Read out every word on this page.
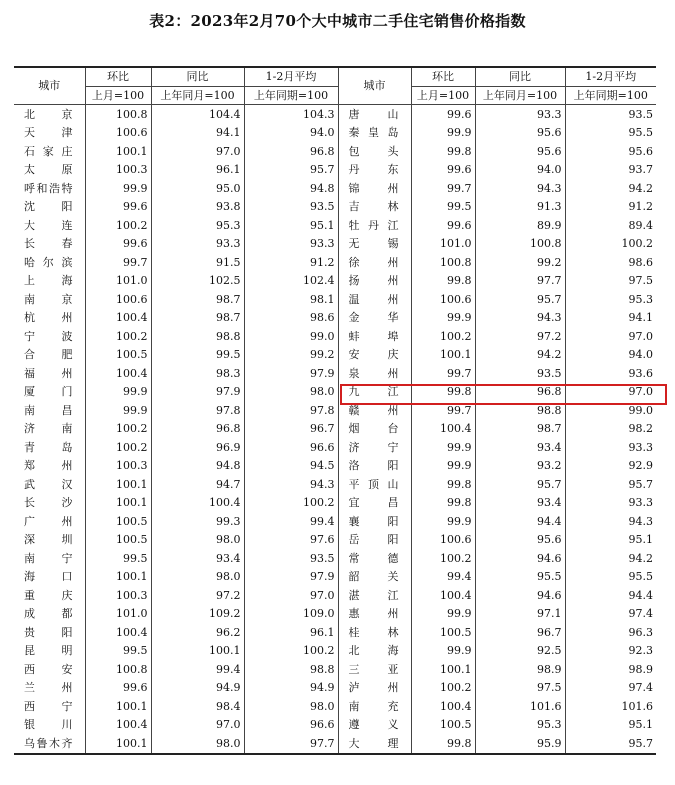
表2：2023年2月70个大中城市二手住宅销售价格指数
城市	环比	同比	1-2月平均	城市	环比	同比	1-2月平均
	上月=100	上年同月=100	上年同期=100		上月=100	上年同月=100	上年同期=100
北 京	100.8	104.4	104.3	唐 山	99.6	93.3	93.5
天 津	100.6	94.1	94.0	秦皇岛	99.9	95.6	95.5
石家庄	100.1	97.0	96.8	包 头	99.8	95.6	95.6
太 原	100.3	96.1	95.7	丹 东	99.6	94.0	93.7
呼和浩特	99.9	95.0	94.8	锦 州	99.7	94.3	94.2
沈 阳	99.6	93.8	93.5	吉 林	99.5	91.3	91.2
大 连	100.2	95.3	95.1	牡丹江	99.6	89.9	89.4
长 春	99.6	93.3	93.3	无 锡	101.0	100.8	100.2
哈尔滨	99.7	91.5	91.2	徐 州	100.8	99.2	98.6
上 海	101.0	102.5	102.4	扬 州	99.8	97.7	97.5
南 京	100.6	98.7	98.1	温 州	100.6	95.7	95.3
杭 州	100.4	98.7	98.6	金 华	99.9	94.3	94.1
宁 波	100.2	98.8	99.0	蚌 埠	100.2	97.2	97.0
合 肥	100.5	99.5	99.2	安 庆	100.1	94.2	94.0
福 州	100.4	98.3	97.9	泉 州	99.7	93.5	93.6
厦 门	99.9	97.9	98.0	九 江	99.8	96.8	97.0
南 昌	99.9	97.8	97.8	赣 州	99.7	98.8	99.0
济 南	100.2	96.8	96.7	烟 台	100.4	98.7	98.2
青 岛	100.2	96.9	96.6	济 宁	99.9	93.4	93.3
郑 州	100.3	94.8	94.5	洛 阳	99.9	93.2	92.9
武 汉	100.1	94.7	94.3	平顶山	99.8	95.7	95.7
长 沙	100.1	100.4	100.2	宜 昌	99.8	93.4	93.3
广 州	100.5	99.3	99.4	襄 阳	99.9	94.4	94.3
深 圳	100.5	98.0	97.6	岳 阳	100.6	95.6	95.1
南 宁	99.5	93.4	93.5	常 德	100.2	94.6	94.2
海 口	100.1	98.0	97.9	韶 关	99.4	95.5	95.5
重 庆	100.3	97.2	97.0	湛 江	100.4	94.6	94.4
成 都	101.0	109.2	109.0	惠 州	99.9	97.1	97.4
贵 阳	100.4	96.2	96.1	桂 林	100.5	96.7	96.3
昆 明	99.5	100.1	100.2	北 海	99.9	92.5	92.3
西 安	100.8	99.4	98.8	三 亚	100.1	98.9	98.9
兰 州	99.6	94.9	94.9	泸 州	100.2	97.5	97.4
西 宁	100.1	98.4	98.0	南 充	100.4	101.6	101.6
银 川	100.4	97.0	96.6	遵 义	100.5	95.3	95.1
乌鲁木齐	100.1	98.0	97.7	大 理	99.8	95.9	95.7
